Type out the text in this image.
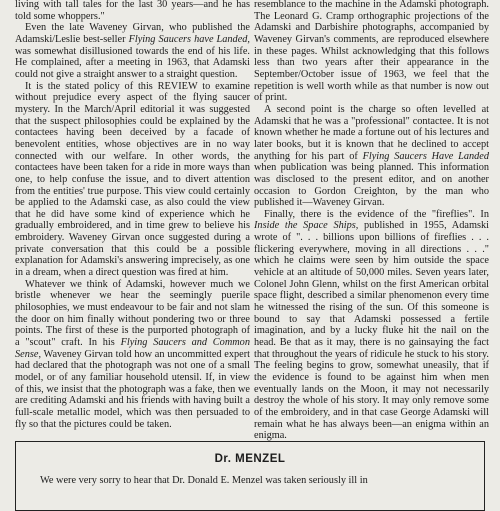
living with tall tales for the last 30 years—and he has told some whoppers."

Even the late Waveney Girvan, who published the Adamski/Leslie best-seller Flying Saucers have Landed, was somewhat disillusioned towards the end of his life. He complained, after a meeting in 1963, that Adamski could not give a straight answer to a straight question.

It is the stated policy of this REVIEW to examine without prejudice every aspect of the flying saucer mystery. In the March/April editorial it was suggested that the suspect philosophies could be explained by the contactees having been deceived by a facade of benevolent entities, whose objectives are in no way connected with our welfare. In other words, the contactees have been taken for a ride in more ways than one, to help confuse the issue, and to divert attention from the entities' true purpose. This view could certainly be applied to the Adamski case, as also could the view that he did have some kind of experience which he gradually embroidered, and in time grew to believe his embroidery. Waveney Girvan once suggested during a private conversation that this could be a possible explanation for Adamski's answering imprecisely, as one in a dream, when a direct question was fired at him.

Whatever we think of Adamski, however much we bristle whenever we hear the seemingly puerile philosophies, we must endeavour to be fair and not slam the door on him finally without pondering two or three points. The first of these is the purported photograph of a "scout" craft. In his Flying Saucers and Common Sense, Waveney Girvan told how an uncommitted expert had declared that the photograph was not one of a small model, or of any familiar household utensil. If, in view of this, we insist that the photograph was a fake, then we are crediting Adamski and his friends with having built a full-scale metallic model, which was then persuaded to fly so that the pictures could be taken.

resemblance to the machine in the Adamski photograph. The Leonard G. Cramp orthographic projections of the Adamski and Darbishire photographs, accompanied by Waveney Girvan's comments, are reproduced elsewhere in these pages. Whilst acknowledging that this follows less than two years after their appearance in the September/October issue of 1963, we feel that the repetition is well worth while as that number is now out of print.

A second point is the charge so often levelled at Adamski that he was a "professional" contactee. It is not known whether he made a fortune out of his lectures and later books, but it is known that he declined to accept anything for his part of Flying Saucers Have Landed when publication was being planned. This information was disclosed to the present editor, and on another occasion to Gordon Creighton, by the man who published it—Waveney Girvan.

Finally, there is the evidence of the "fireflies". In Inside the Space Ships, published in 1955, Adamski wrote of ". . . billions upon billions of fireflies . . . flickering everywhere, moving in all directions . . ." which he claims were seen by him outside the space vehicle at an altitude of 50,000 miles. Seven years later, Colonel John Glenn, whilst on the first American orbital space flight, described a similar phenomenon every time he witnessed the rising of the sun. Of this someone is bound to say that Adamski possessed a fertile imagination, and by a lucky fluke hit the nail on the head. Be that as it may, there is no gainsaying the fact that throughout the years of ridicule he stuck to his story. The feeling begins to grow, somewhat uneasily, that if the evidence is found to be against him when men eventually lands on the Moon, it may not necessarily destroy the whole of his story. It may only remove some of the embroidery, and in that case George Adamski will remain what he has always been—an enigma within an enigma.

Dr. MENZEL
We were very sorry to hear that Dr. Donald E. Menzel was taken seriously ill in
